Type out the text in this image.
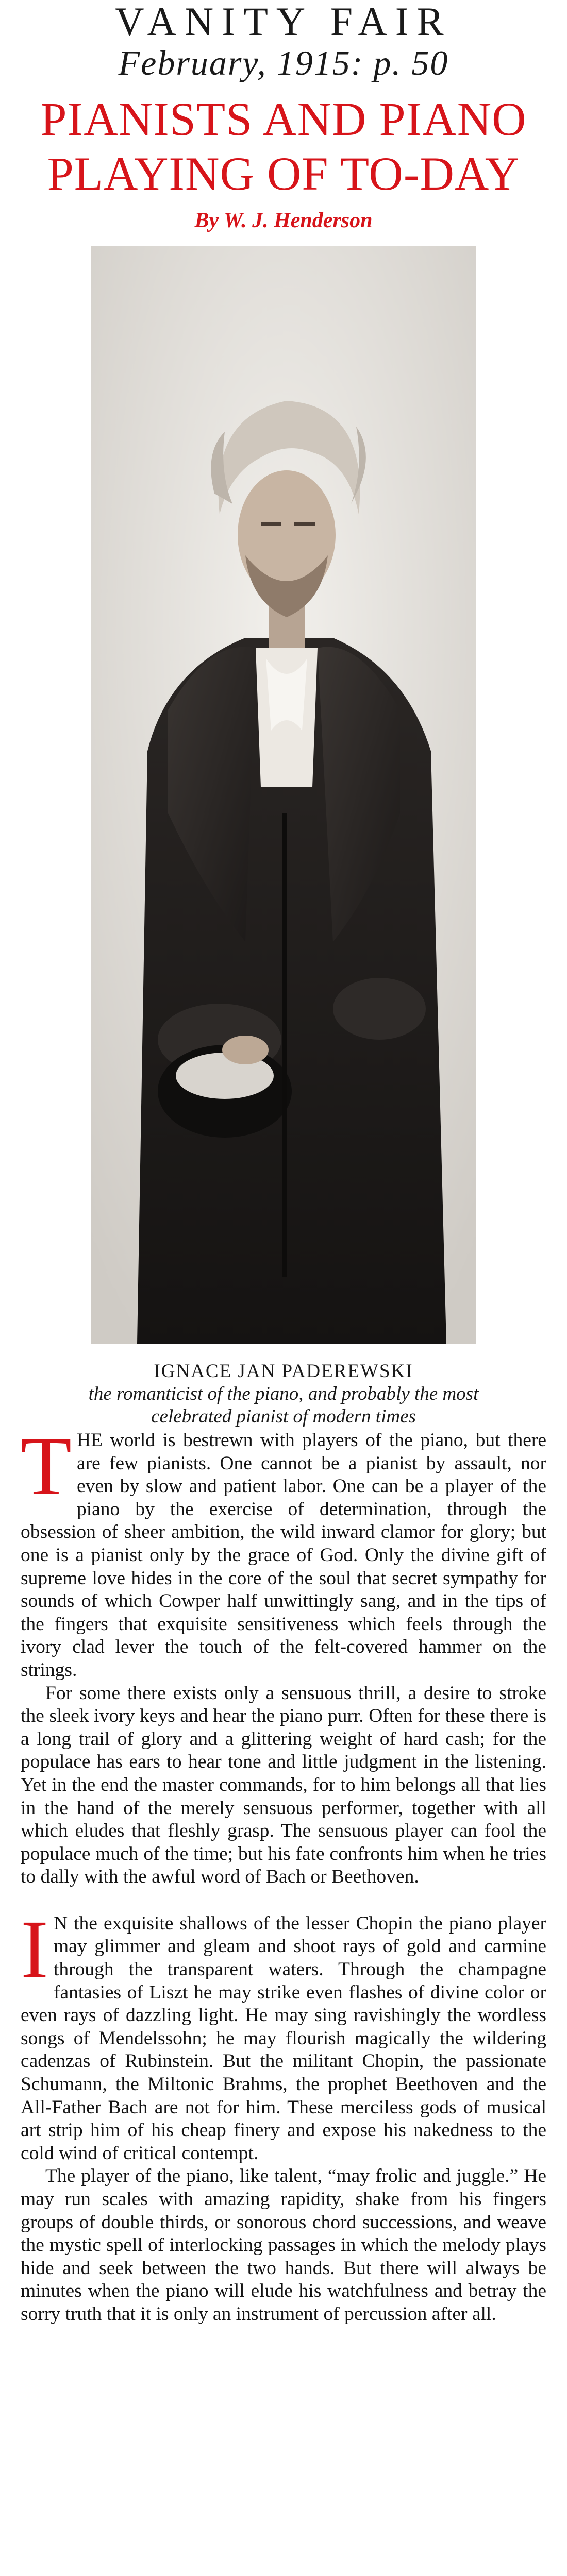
VANITY FAIR
February, 1915: p. 50
PIANISTS AND PIANO
PLAYING OF TO-DAY
By W. J. Henderson
IGNACE JAN PADEREWSKI
the romanticist of the piano, and probably the most
celebrated pianist of modern times

THE world is bestrewn with players of the piano, but there are few pianists. One cannot be a pianist by assault, nor even by slow and patient labor. One can be a player of the piano by the exercise of determination, through the obsession of sheer ambition, the wild inward clamor for glory; but one is a pianist only by the grace of God. Only the divine gift of supreme love hides in the core of the soul that secret sympathy for sounds of which Cowper half unwittingly sang, and in the tips of the fingers that exquisite sensitiveness which feels through the ivory clad lever the touch of the felt-covered hammer on the strings.

For some there exists only a sensuous thrill, a desire to stroke the sleek ivory keys and hear the piano purr. Often for these there is a long trail of glory and a glittering weight of hard cash; for the populace has ears to hear tone and little judgment in the listening. Yet in the end the master commands, for to him belongs all that lies in the hand of the merely sensuous performer, together with all which eludes that fleshly grasp. The sensuous player can fool the populace much of the time; but his fate confronts him when he tries to dally with the awful word of Bach or Beethoven.

I N the exquisite shallows of the lesser Chopin the piano player may glimmer and gleam and shoot rays of gold and carmine through the transparent waters. Through the champagne fantasies of Liszt he may strike even flashes of divine color or even rays of dazzling light. He may sing ravishingly the wordless songs of Mendelssohn; he may flourish magically the wildering cadenzas of Rubinstein. But the militant Chopin, the passionate Schumann, the Miltonic Brahms, the prophet Beethoven and the All-Father Bach are not for him. These merciless gods of musical art strip him of his cheap finery and expose his nakedness to the cold wind of critical contempt.

The player of the piano, like talent, “may frolic and juggle.” He may run scales with amazing rapidity, shake from his fingers groups of double thirds, or sonorous chord successions, and weave the mystic spell of interlocking passages in which the melody plays hide and seek between the two hands. But there will always be minutes when the piano will elude his watchfulness and betray the sorry truth that it is only an instrument of percussion after all.
